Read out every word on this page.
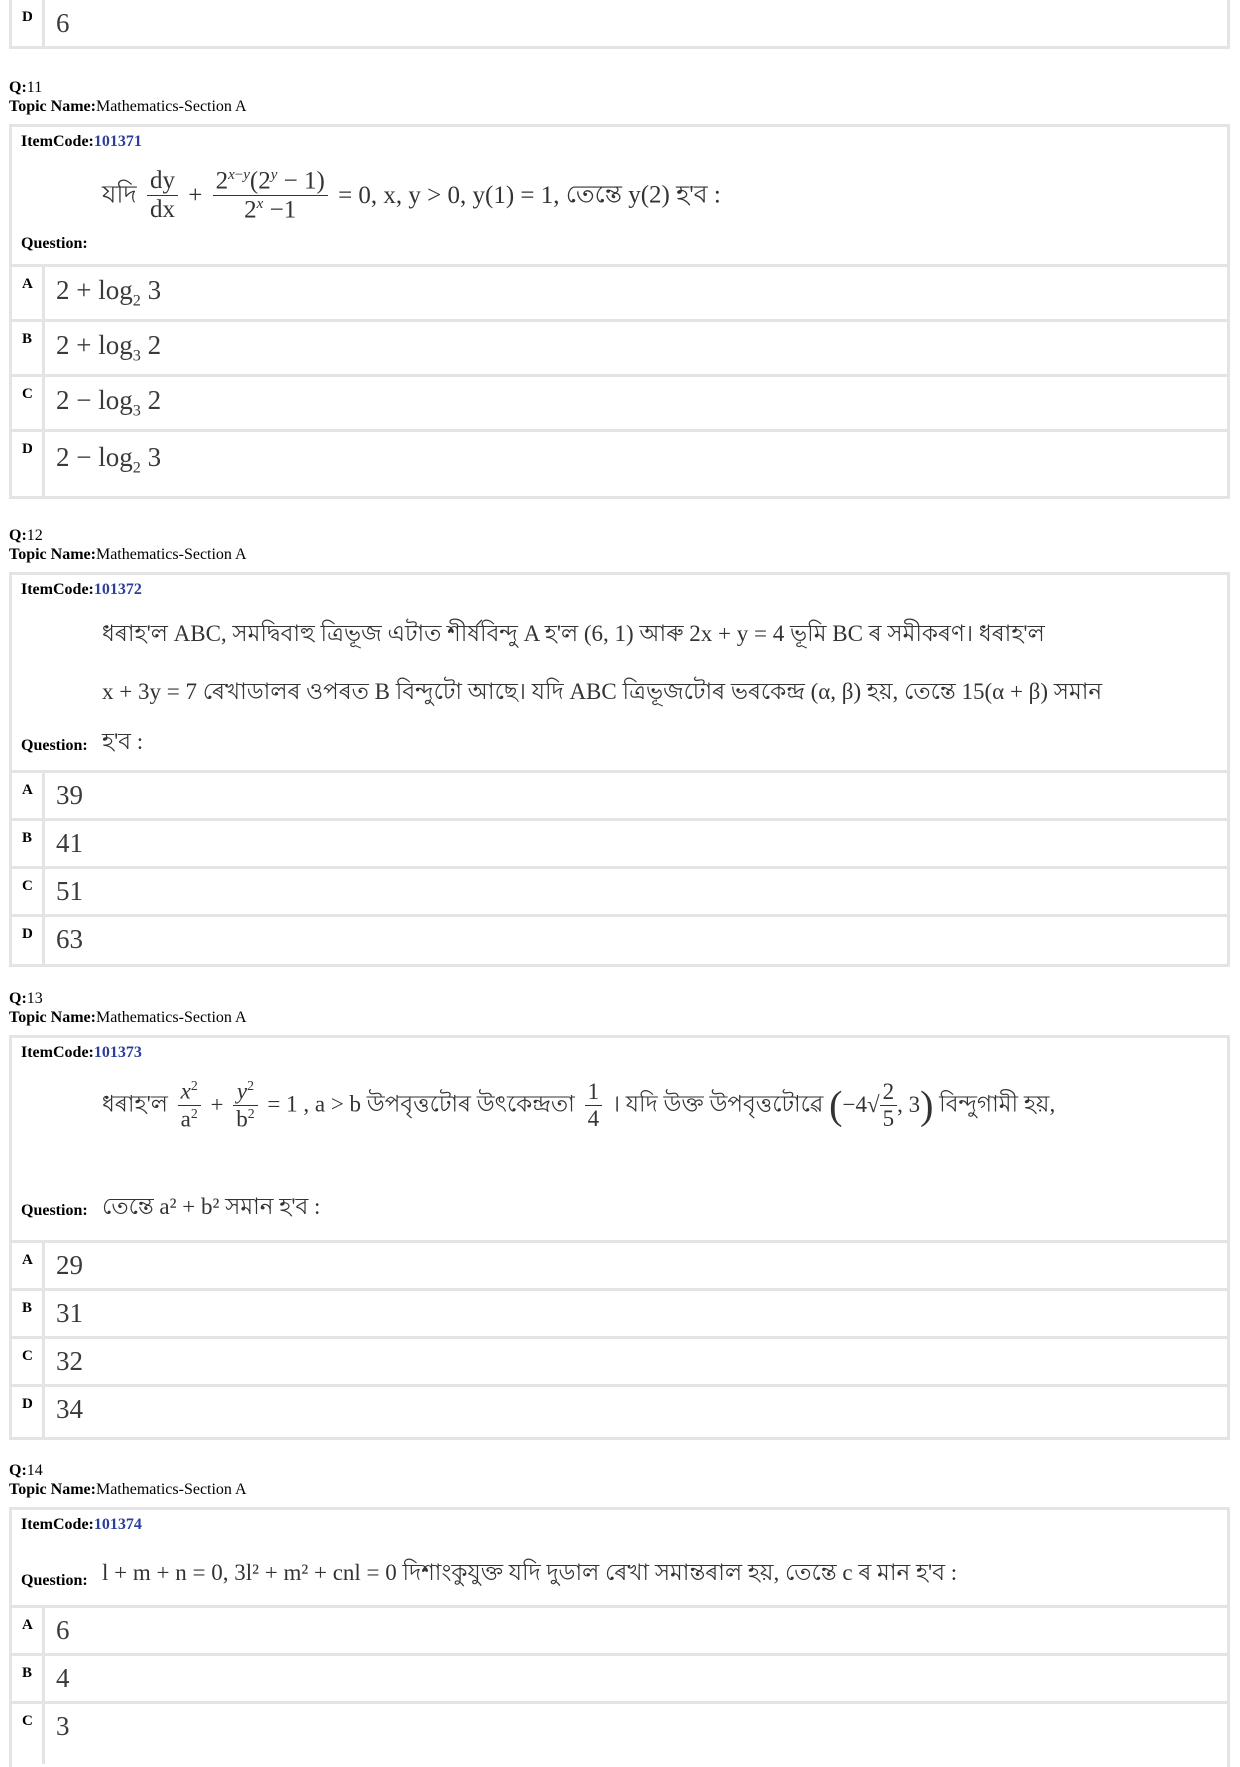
D 6
Q:11
Topic Name:Mathematics-Section A
ItemCode:101371
যদি $\frac{dy}{dx} + \frac{2^{x-y}(2^y - 1)}{2^x -1} = 0$, x, y > 0, y(1) = 1, তেন্তে y(2) হ'ব :
Question:
A $2 + \log_2 3$
B $2 + \log_3 2$
C $2 - \log_3 2$
D $2 - \log_2 3$
Q:12
Topic Name:Mathematics-Section A
ItemCode:101372
ধৰাহ'ল ABC, সমদ্বিবাহু ত্ৰিভূজ এটাত শীৰ্ষবিন্দু A হ'ল (6, 1) আৰু 2x + y = 4 ভূমি BC ৰ সমীকৰণ। ধৰাহ'ল
x + 3y = 7 ৰেখাডালৰ ওপৰত B বিন্দুটো আছে। যদি ABC ত্ৰিভূজটোৰ ভৰকেন্দ্ৰ (α, β) হয়, তেন্তে 15(α + β) সমান
হ'ব :
Question:
A 39
B 41
C 51
D 63
Q:13
Topic Name:Mathematics-Section A
ItemCode:101373
ধৰাহ'ল $\frac{x^2}{a^2} + \frac{y^2}{b^2} = 1$ , a > b উপবৃত্তটোৰ উৎকেন্দ্ৰতা $\frac{1}{4}$ । যদি উক্ত উপবৃত্তটোৱে ($-4√ \frac{2}{5}$ , 3) বিন্দুগামী হয়,
তেন্তে a² + b² সমান হ'ব :
Question:
A 29
B 31
C 32
D 34
Q:14
Topic Name:Mathematics-Section A
ItemCode:101374
l + m + n = 0, 3l² + m² + cnl = 0 দিশাংকুযুক্ত যদি দুডাল ৰেখা সমান্তৰাল হয়, তেন্তে c ৰ মান হ'ব :
Question:
A 6
B 4
C 3
